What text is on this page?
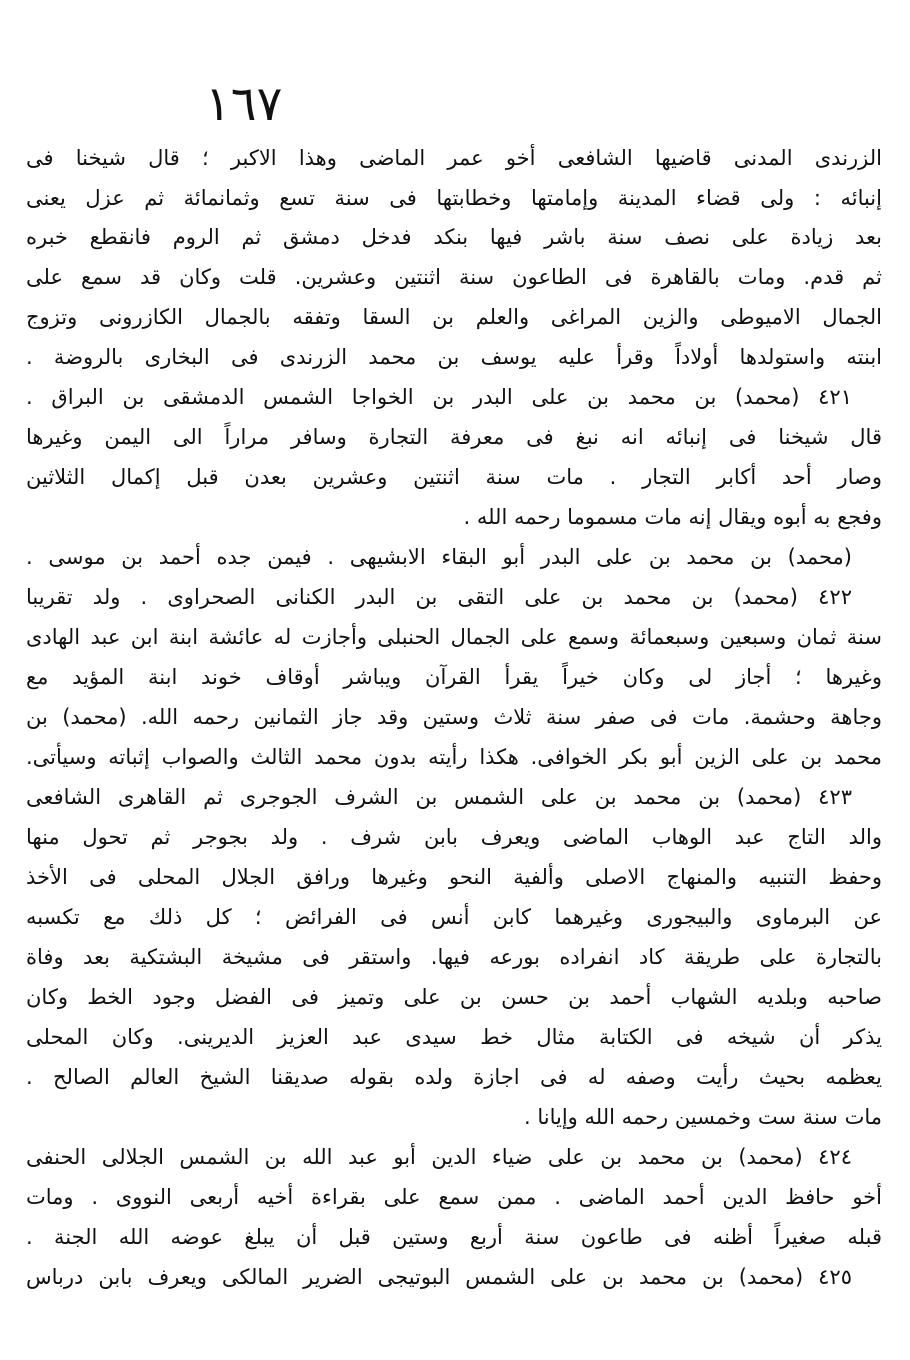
١٦٧
الزرندى المدنى قاضيها الشافعى أخو عمر الماضى وهذا الاكبر ؛ قال شيخنا فى
إنبائه : ولى قضاء المدينة وإمامتها وخطابتها فى سنة تسع وثمانمائة ثم عزل يعنى
بعد زيادة على نصف سنة باشر فيها بنكد فدخل دمشق ثم الروم فانقطع خبره
ثم قدم. ومات بالقاهرة فى الطاعون سنة اثنتين وعشرين. قلت وكان قد سمع على
الجمال الاميوطى والزين المراغى والعلم بن السقا وتفقه بالجمال الكازرونى وتزوج
ابنته واستولدها أولاداً وقرأ عليه يوسف بن محمد الزرندى فى البخارى بالروضة .
٤٢١ (محمد) بن محمد بن على البدر بن الخواجا الشمس الدمشقى بن البراق .
قال شيخنا فى إنبائه انه نبغ فى معرفة التجارة وسافر مراراً الى اليمن وغيرها
وصار أحد أكابر التجار . مات سنة اثنتين وعشرين بعدن قبل إكمال الثلاثين
وفجع به أبوه ويقال إنه مات مسموما رحمه الله .
(محمد) بن محمد بن على البدر أبو البقاء الابشيهى . فيمن جده أحمد بن موسى .
٤٢٢ (محمد) بن محمد بن على التقى بن البدر الكنانى الصحراوى . ولد تقريبا
سنة ثمان وسبعين وسبعمائة وسمع على الجمال الحنبلى وأجازت له عائشة ابنة ابن عبد الهادى
وغيرها ؛ أجاز لى وكان خيراً يقرأ القرآن ويباشر أوقاف خوند ابنة المؤيد مع
وجاهة وحشمة. مات فى صفر سنة ثلاث وستين وقد جاز الثمانين رحمه الله. (محمد) بن
محمد بن على الزين أبو بكر الخوافى. هكذا رأيته بدون محمد الثالث والصواب إثباته وسيأتى.
٤٢٣ (محمد) بن محمد بن على الشمس بن الشرف الجوجرى ثم القاهرى الشافعى
والد التاج عبد الوهاب الماضى ويعرف بابن شرف . ولد بجوجر ثم تحول منها
وحفظ التنبيه والمنهاج الاصلى وألفية النحو وغيرها ورافق الجلال المحلى فى الأخذ
عن البرماوى والبيجورى وغيرهما كابن أنس فى الفرائض ؛ كل ذلك مع تكسبه
بالتجارة على طريقة كاد انفراده بورعه فيها. واستقر فى مشيخة البشتكية بعد وفاة
صاحبه وبلديه الشهاب أحمد بن حسن بن على وتميز فى الفضل وجود الخط وكان
يذكر أن شيخه فى الكتابة مثال خط سيدى عبد العزيز الديرينى. وكان المحلى
يعظمه بحيث رأيت وصفه له فى اجازة ولده بقوله صديقنا الشيخ العالم الصالح .
مات سنة ست وخمسين رحمه الله وإيانا .
٤٢٤ (محمد) بن محمد بن على ضياء الدين أبو عبد الله بن الشمس الجلالى الحنفى
أخو حافظ الدين أحمد الماضى . ممن سمع على بقراءة أخيه أربعى النووى . ومات
قبله صغيراً أظنه فى طاعون سنة أربع وستين قبل أن يبلغ عوضه الله الجنة .
٤٢٥ (محمد) بن محمد بن على الشمس البوتيجى الضرير المالكى ويعرف بابن درباس
